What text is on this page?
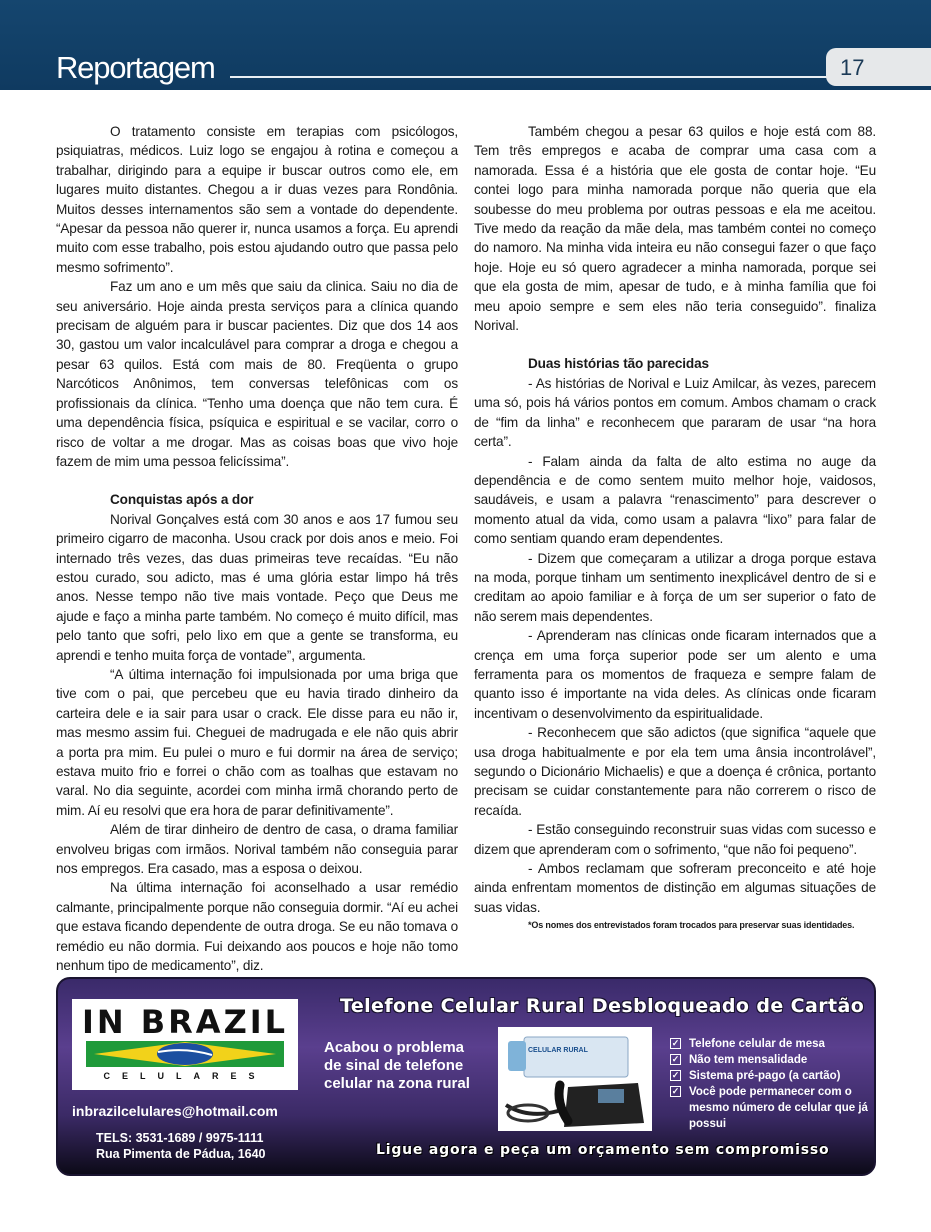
Reportagem	17

O tratamento consiste em terapias com psicólogos, psiquiatras, médicos. Luiz logo se engajou à rotina e começou a trabalhar, dirigindo para a equipe ir buscar outros como ele, em lugares muito distantes. Chegou a ir duas vezes para Rondônia. Muitos desses internamentos são sem a vontade do dependente. “Apesar da pessoa não querer ir, nunca usamos a força. Eu aprendi muito com esse trabalho, pois estou ajudando outro que passa pelo mesmo sofrimento”.

Faz um ano e um mês que saiu da clinica. Saiu no dia de seu aniversário. Hoje ainda presta serviços para a clínica quando precisam de alguém para ir buscar pacientes. Diz que dos 14 aos 30, gastou um valor incalculável para comprar a droga e chegou a pesar 63 quilos. Está com mais de 80. Freqüenta o grupo Narcóticos Anônimos, tem conversas telefônicas com os profissionais da clínica. “Tenho uma doença que não tem cura. É uma dependência física, psíquica e espiritual e se vacilar, corro o risco de voltar a me drogar. Mas as coisas boas que vivo hoje fazem de mim uma pessoa felicíssima”.

Conquistas após a dor

Norival Gonçalves está com 30 anos e aos 17 fumou seu primeiro cigarro de maconha. Usou crack por dois anos e meio. Foi internado três vezes, das duas primeiras teve recaídas. “Eu não estou curado, sou adicto, mas é uma glória estar limpo há três anos. Nesse tempo não tive mais vontade. Peço que Deus me ajude e faço a minha parte também. No começo é muito difícil, mas pelo tanto que sofri, pelo lixo em que a gente se transforma, eu aprendi e tenho muita força de vontade”, argumenta.

“A última internação foi impulsionada por uma briga que tive com o pai, que percebeu que eu havia tirado dinheiro da carteira dele e ia sair para usar o crack. Ele disse para eu não ir, mas mesmo assim fui. Cheguei de madrugada e ele não quis abrir a porta pra mim. Eu pulei o muro e fui dormir na área de serviço; estava muito frio e forrei o chão com as toalhas que estavam no varal. No dia seguinte, acordei com minha irmã chorando perto de mim. Aí eu resolvi que era hora de parar definitivamente”.

Além de tirar dinheiro de dentro de casa, o drama familiar envolveu brigas com irmãos. Norival também não conseguia parar nos empregos. Era casado, mas a esposa o deixou.

Na última internação foi aconselhado a usar remédio calmante, principalmente porque não conseguia dormir. “Aí eu achei que estava ficando dependente de outra droga. Se eu não tomava o remédio eu não dormia. Fui deixando aos poucos e hoje não tomo nenhum tipo de medicamento”, diz.

Também chegou a pesar 63 quilos e hoje está com 88. Tem três empregos e acaba de comprar uma casa com a namorada. Essa é a história que ele gosta de contar hoje. “Eu contei logo para minha namorada porque não queria que ela soubesse do meu problema por outras pessoas e ela me aceitou. Tive medo da reação da mãe dela, mas também contei no começo do namoro. Na minha vida inteira eu não consegui fazer o que faço hoje. Hoje eu só quero agradecer a minha namorada, porque sei que ela gosta de mim, apesar de tudo, e à minha família que foi meu apoio sempre e sem eles não teria conseguido”. finaliza Norival.

Duas histórias tão parecidas

- As histórias de Norival e Luiz Amilcar, às vezes, parecem uma só, pois há vários pontos em comum. Ambos chamam o crack de “fim da linha” e reconhecem que pararam de usar “na hora certa”.

- Falam ainda da falta de alto estima no auge da dependência e de como sentem muito melhor hoje, vaidosos, saudáveis, e usam a palavra “renascimento” para descrever o momento atual da vida, como usam a palavra “lixo” para falar de como sentiam quando eram dependentes.

- Dizem que começaram a utilizar a droga porque estava na moda, porque tinham um sentimento inexplicável dentro de si e creditam ao apoio familiar e à força de um ser superior o fato de não serem mais dependentes.

- Aprenderam nas clínicas onde ficaram internados que a crença em uma força superior pode ser um alento e uma ferramenta para os momentos de fraqueza e sempre falam de quanto isso é importante na vida deles. As clínicas onde ficaram incentivam o desenvolvimento da espiritualidade.

- Reconhecem que são adictos (que significa “aquele que usa droga habitualmente e por ela tem uma ânsia incontrolável”, segundo o Dicionário Michaelis) e que a doença é crônica, portanto precisam se cuidar constantemente para não correrem o risco de recaída.

- Estão conseguindo reconstruir suas vidas com sucesso e dizem que aprenderam com o sofrimento, “que não foi pequeno”.

- Ambos reclamam que sofreram preconceito e até hoje ainda enfrentam momentos de distinção em algumas situações de suas vidas.

*Os nomes dos entrevistados foram trocados para preservar suas identidades.

IN BRAZIL
CELULARES
inbrazilcelulares@hotmail.com
TELS: 3531-1689 / 9975-1111
Rua Pimenta de Pádua, 1640
Telefone Celular Rural Desbloqueado de Cartão
Acabou o problema de sinal de telefone celular na zona rural
CELULAR RURAL
✓ Telefone celular de mesa
✓ Não tem mensalidade
✓ Sistema pré-pago (a cartão)
✓ Você pode permanecer com o mesmo número de celular que já possui
Ligue agora e peça um orçamento sem compromisso
